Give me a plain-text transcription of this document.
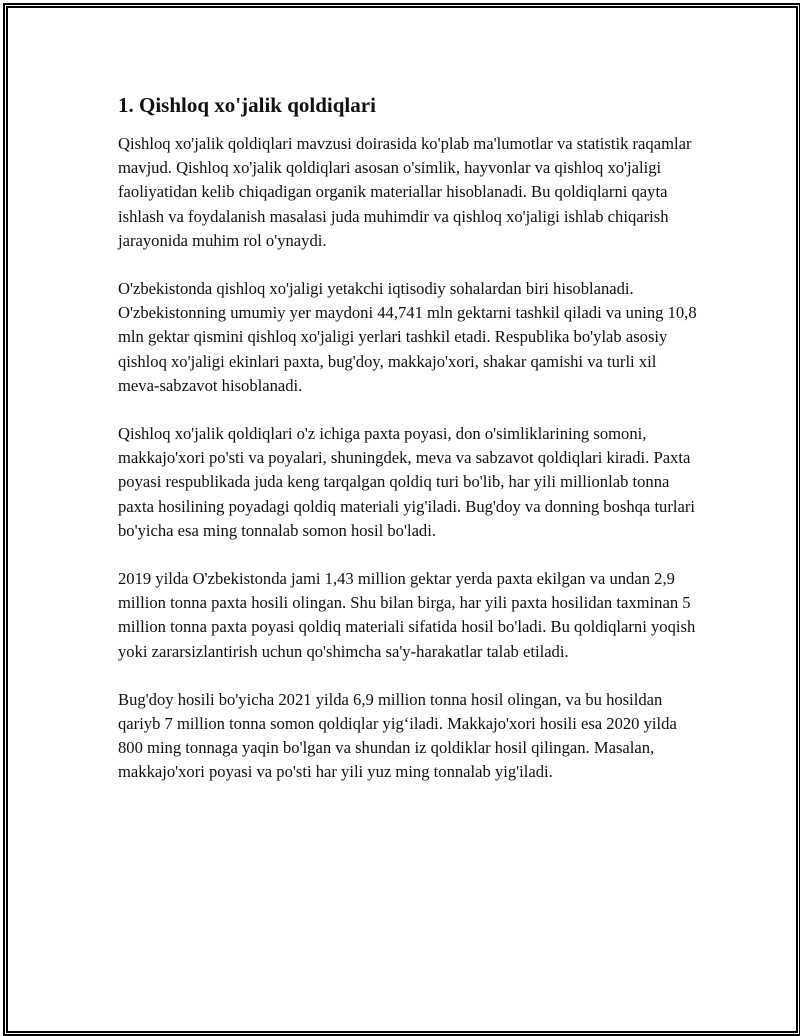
1. Qishloq xo'jalik qoldiqlari

Qishloq xo'jalik qoldiqlari mavzusi doirasida ko'plab ma'lumotlar va statistik raqamlar mavjud. Qishloq xo'jalik qoldiqlari asosan o'simlik, hayvonlar va qishloq xo'jaligi faoliyatidan kelib chiqadigan organik materiallar hisoblanadi. Bu qoldiqlarni qayta ishlash va foydalanish masalasi juda muhimdir va qishloq xo'jaligi ishlab chiqarish jarayonida muhim rol o'ynaydi.

O'zbekistonda qishloq xo'jaligi yetakchi iqtisodiy sohalardan biri hisoblanadi. O'zbekistonning umumiy yer maydoni 44,741 mln gektarni tashkil qiladi va uning 10,8 mln gektar qismini qishloq xo'jaligi yerlari tashkil etadi. Respublika bo'ylab asosiy qishloq xo'jaligi ekinlari paxta, bug'doy, makkajo'xori, shakar qamishi va turli xil meva-sabzavot hisoblanadi.

Qishloq xo'jalik qoldiqlari o'z ichiga paxta poyasi, don o'simliklarining somoni, makkajo'xori po'sti va poyalari, shuningdek, meva va sabzavot qoldiqlari kiradi. Paxta poyasi respublikada juda keng tarqalgan qoldiq turi bo'lib, har yili millionlab tonna paxta hosilining poyadagi qoldiq materiali yig'iladi. Bug'doy va donning boshqa turlari bo'yicha esa ming tonnalab somon hosil bo'ladi.

2019 yilda O'zbekistonda jami 1,43 million gektar yerda paxta ekilgan va undan 2,9 million tonna paxta hosili olingan. Shu bilan birga, har yili paxta hosilidan taxminan 5 million tonna paxta poyasi qoldiq materiali sifatida hosil bo'ladi. Bu qoldiqlarni yoqish yoki zararsizlantirish uchun qo'shimcha sa'y-harakatlar talab etiladi.

Bug'doy hosili bo'yicha 2021 yilda 6,9 million tonna hosil olingan, va bu hosildan qariyb 7 million tonna somon qoldiqlar yig‘iladi. Makkajo'xori hosili esa 2020 yilda 800 ming tonnaga yaqin bo'lgan va shundan iz qoldiklar hosil qilingan. Masalan, makkajo'xori poyasi va po'sti har yili yuz ming tonnalab yig'iladi.
